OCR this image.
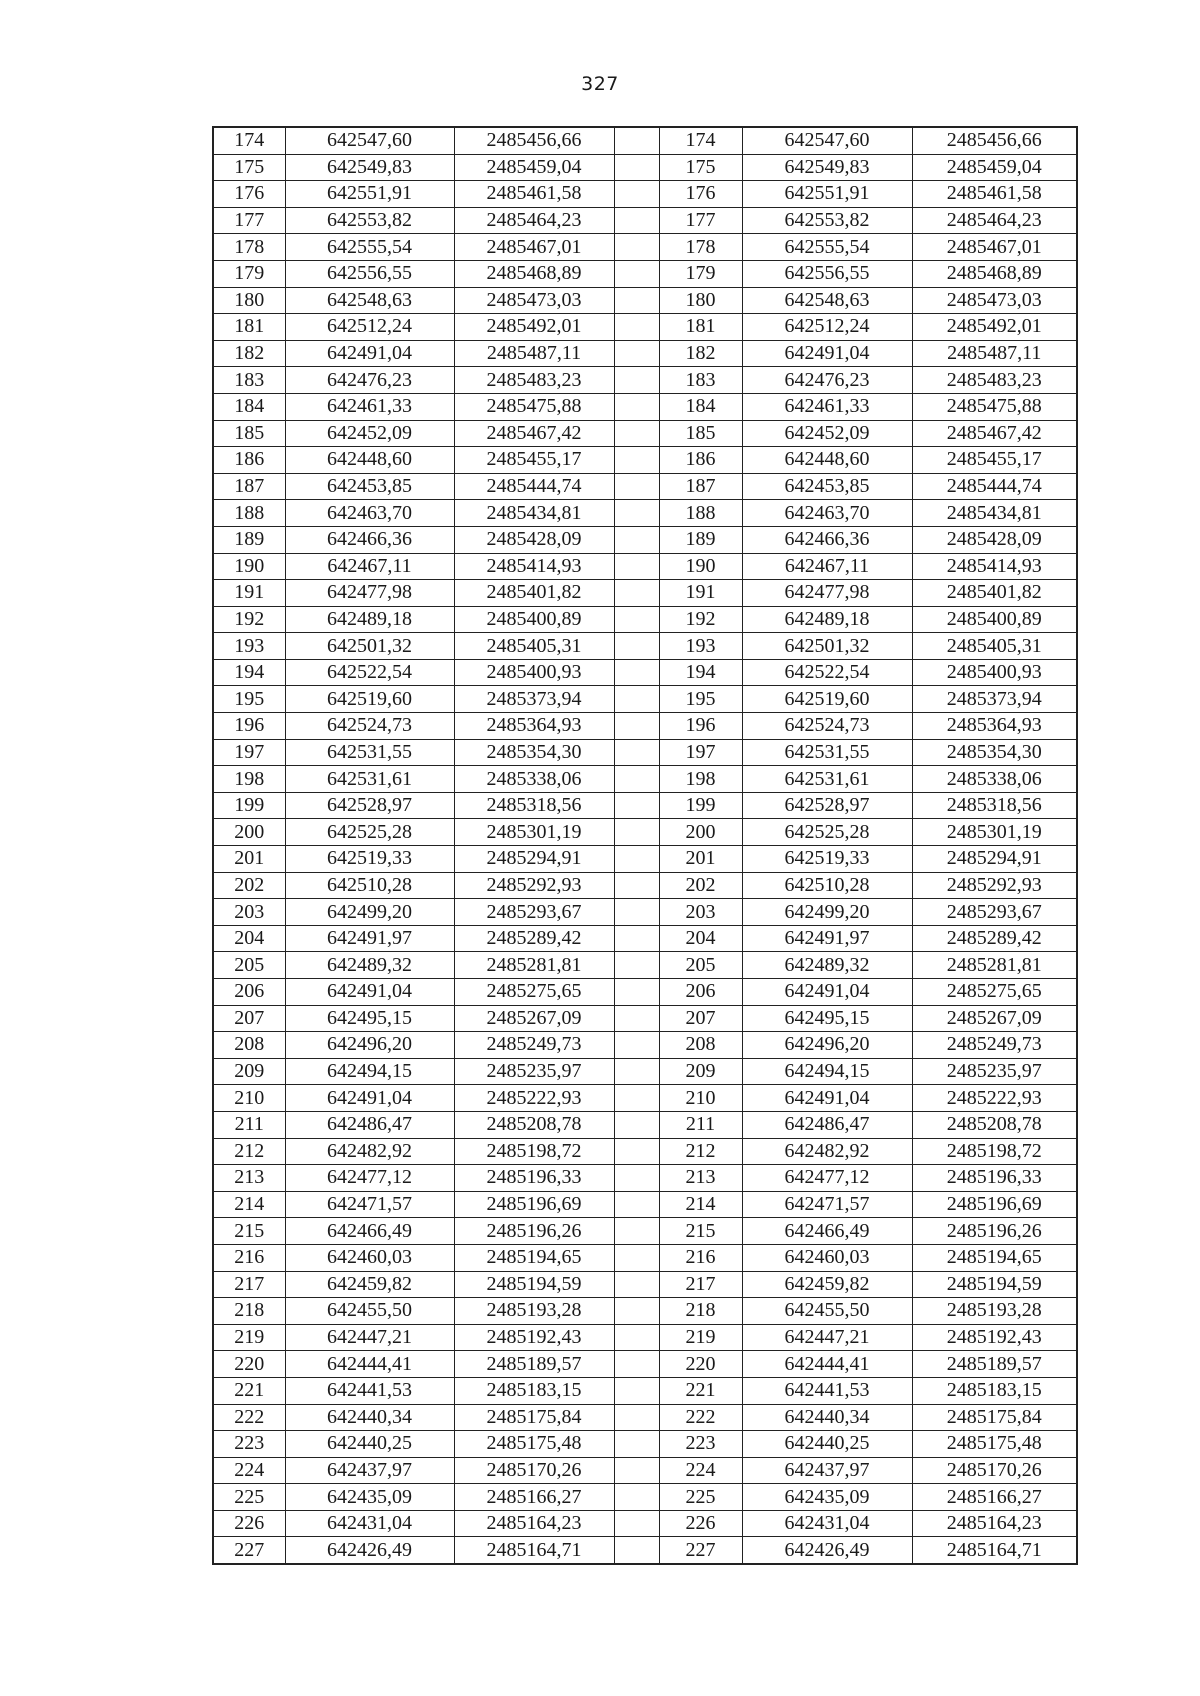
327
174	642547,60	2485456,66		174	642547,60	2485456,66
175	642549,83	2485459,04		175	642549,83	2485459,04
176	642551,91	2485461,58		176	642551,91	2485461,58
177	642553,82	2485464,23		177	642553,82	2485464,23
178	642555,54	2485467,01		178	642555,54	2485467,01
179	642556,55	2485468,89		179	642556,55	2485468,89
180	642548,63	2485473,03		180	642548,63	2485473,03
181	642512,24	2485492,01		181	642512,24	2485492,01
182	642491,04	2485487,11		182	642491,04	2485487,11
183	642476,23	2485483,23		183	642476,23	2485483,23
184	642461,33	2485475,88		184	642461,33	2485475,88
185	642452,09	2485467,42		185	642452,09	2485467,42
186	642448,60	2485455,17		186	642448,60	2485455,17
187	642453,85	2485444,74		187	642453,85	2485444,74
188	642463,70	2485434,81		188	642463,70	2485434,81
189	642466,36	2485428,09		189	642466,36	2485428,09
190	642467,11	2485414,93		190	642467,11	2485414,93
191	642477,98	2485401,82		191	642477,98	2485401,82
192	642489,18	2485400,89		192	642489,18	2485400,89
193	642501,32	2485405,31		193	642501,32	2485405,31
194	642522,54	2485400,93		194	642522,54	2485400,93
195	642519,60	2485373,94		195	642519,60	2485373,94
196	642524,73	2485364,93		196	642524,73	2485364,93
197	642531,55	2485354,30		197	642531,55	2485354,30
198	642531,61	2485338,06		198	642531,61	2485338,06
199	642528,97	2485318,56		199	642528,97	2485318,56
200	642525,28	2485301,19		200	642525,28	2485301,19
201	642519,33	2485294,91		201	642519,33	2485294,91
202	642510,28	2485292,93		202	642510,28	2485292,93
203	642499,20	2485293,67		203	642499,20	2485293,67
204	642491,97	2485289,42		204	642491,97	2485289,42
205	642489,32	2485281,81		205	642489,32	2485281,81
206	642491,04	2485275,65		206	642491,04	2485275,65
207	642495,15	2485267,09		207	642495,15	2485267,09
208	642496,20	2485249,73		208	642496,20	2485249,73
209	642494,15	2485235,97		209	642494,15	2485235,97
210	642491,04	2485222,93		210	642491,04	2485222,93
211	642486,47	2485208,78		211	642486,47	2485208,78
212	642482,92	2485198,72		212	642482,92	2485198,72
213	642477,12	2485196,33		213	642477,12	2485196,33
214	642471,57	2485196,69		214	642471,57	2485196,69
215	642466,49	2485196,26		215	642466,49	2485196,26
216	642460,03	2485194,65		216	642460,03	2485194,65
217	642459,82	2485194,59		217	642459,82	2485194,59
218	642455,50	2485193,28		218	642455,50	2485193,28
219	642447,21	2485192,43		219	642447,21	2485192,43
220	642444,41	2485189,57		220	642444,41	2485189,57
221	642441,53	2485183,15		221	642441,53	2485183,15
222	642440,34	2485175,84		222	642440,34	2485175,84
223	642440,25	2485175,48		223	642440,25	2485175,48
224	642437,97	2485170,26		224	642437,97	2485170,26
225	642435,09	2485166,27		225	642435,09	2485166,27
226	642431,04	2485164,23		226	642431,04	2485164,23
227	642426,49	2485164,71		227	642426,49	2485164,71
